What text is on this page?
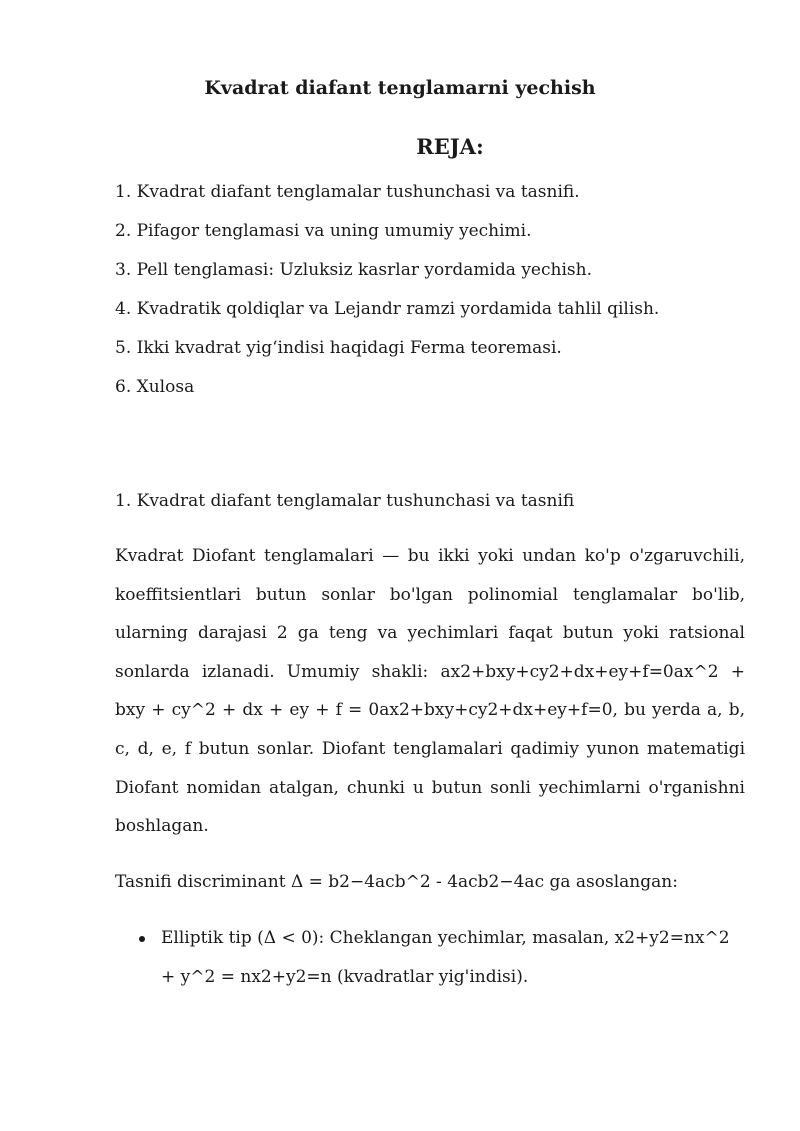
Kvadrat diafant tenglamarni yechish
REJA:
1. Kvadrat diafant tenglamalar tushunchasi va tasnifi.
2. Pifagor tenglamasi va uning umumiy yechimi.
3. Pell tenglamasi: Uzluksiz kasrlar yordamida yechish.
4. Kvadratik qoldiqlar va Lejandr ramzi yordamida tahlil qilish.
5. Ikki kvadrat yig‘indisi haqidagi Ferma teoremasi.
6. Xulosa
1. Kvadrat diafant tenglamalar tushunchasi va tasnifi

Kvadrat Diofant tenglamalari — bu ikki yoki undan ko'p o'zgaruvchili, koeffitsientlari butun sonlar bo'lgan polinomial tenglamalar bo'lib, ularning darajasi 2 ga teng va yechimlari faqat butun yoki ratsional sonlarda izlanadi. Umumiy shakli: ax2+bxy+cy2+dx+ey+f=0ax^2 + bxy + cy^2 + dx + ey + f = 0ax2+bxy+cy2+dx+ey+f=0, bu yerda a, b, c, d, e, f butun sonlar. Diofant tenglamalari qadimiy yunon matematigi Diofant nomidan atalgan, chunki u butun sonli yechimlarni o'rganishni boshlagan.

Tasnifi discriminant Δ = b2−4acb^2 - 4acb2−4ac ga asoslangan:

Elliptik tip (Δ < 0): Cheklangan yechimlar, masalan, x2+y2=nx^2 + y^2 = nx2+y2=n (kvadratlar yig'indisi).
